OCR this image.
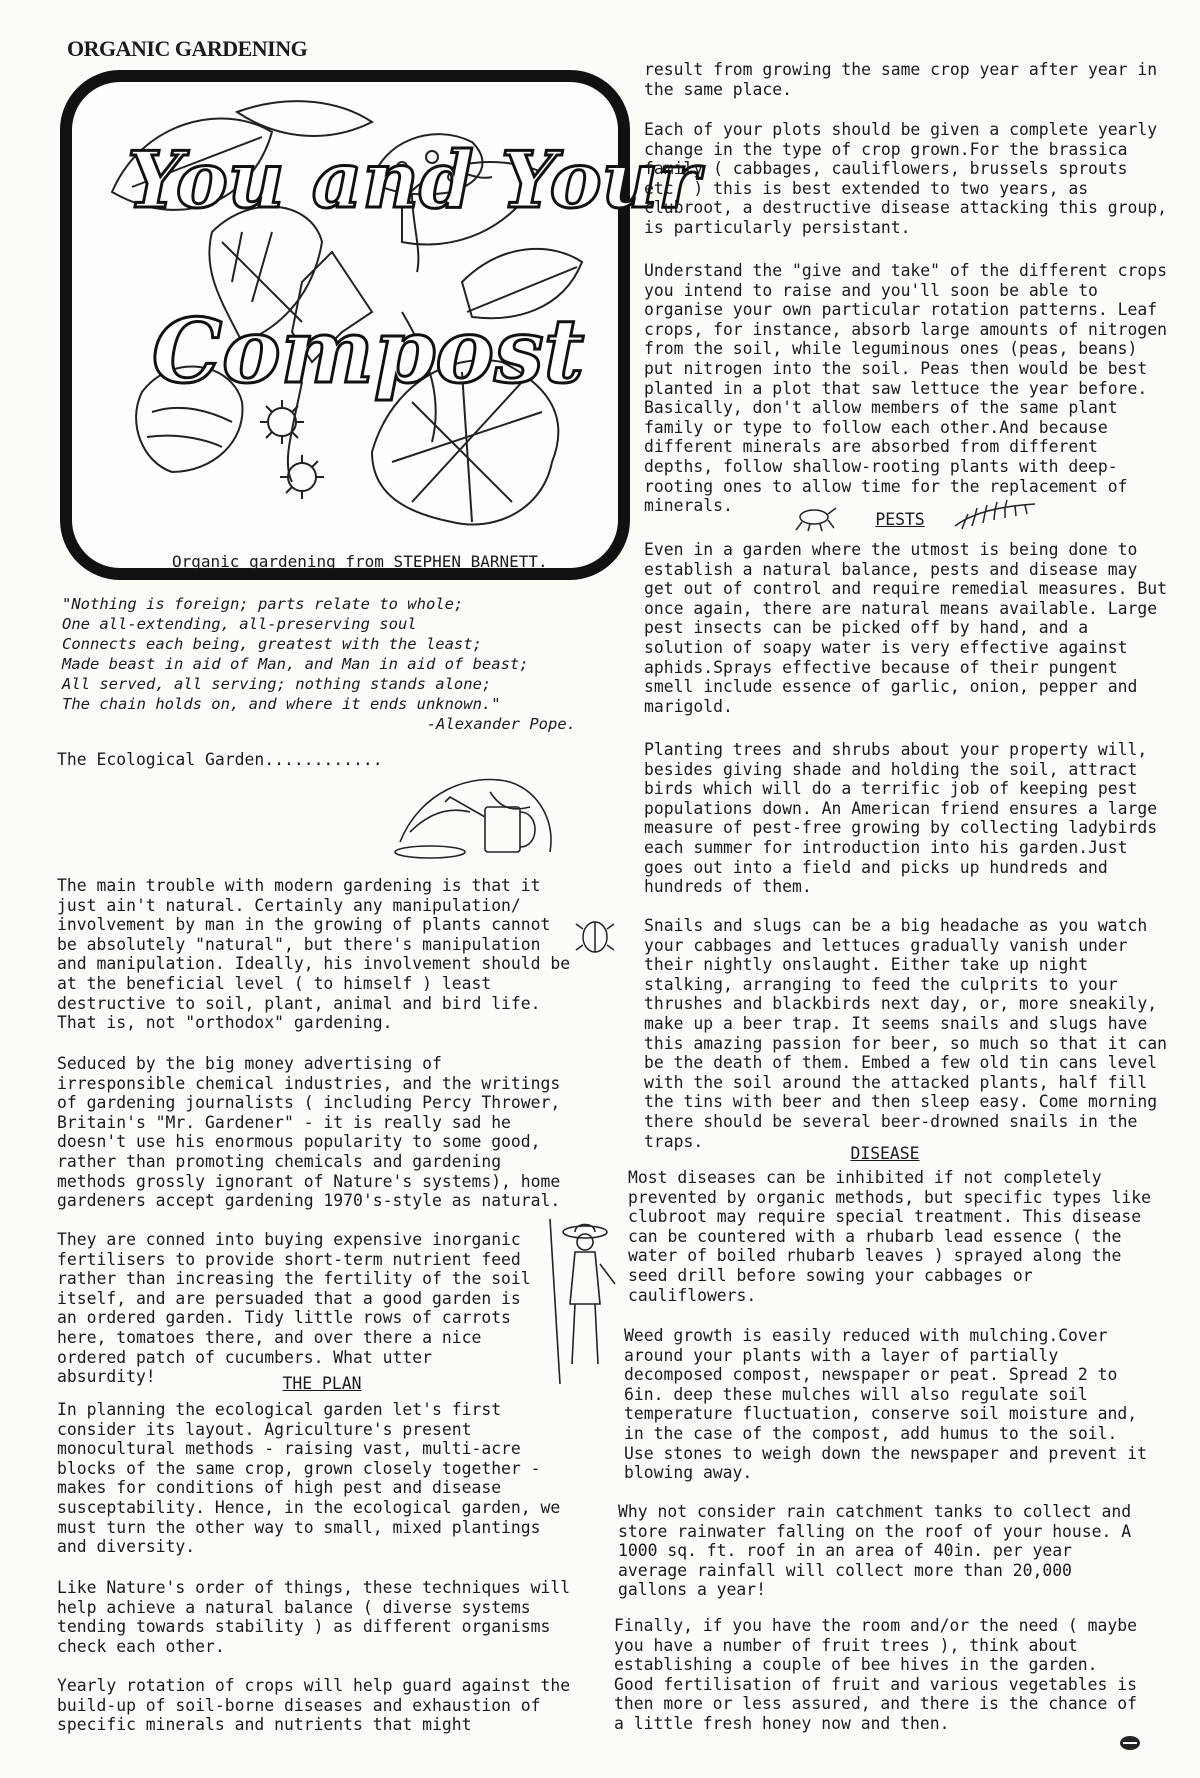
ORGANIC GARDENING
You and Your
Compost
Organic gardening from STEPHEN BARNETT.
"Nothing is foreign; parts relate to whole;
One all-extending, all-preserving soul
Connects each being, greatest with the least;
Made beast in aid of Man, and Man in aid of beast;
All served, all serving; nothing stands alone;
The chain holds on, and where it ends unknown."
-Alexander Pope.
The Ecological Garden............
The main trouble with modern gardening is that it just ain't natural. Certainly any manipulation/ involvement by man in the growing of plants cannot be absolutely "natural", but there's manipulation and manipulation. Ideally, his involvement should be at the beneficial level ( to himself ) least destructive to soil, plant, animal and bird life. That is, not "orthodox" gardening.
Seduced by the big money advertising of irresponsible chemical industries, and the writings of gardening journalists ( including Percy Thrower, Britain's "Mr. Gardener" - it is really sad he doesn't use his enormous popularity to some good, rather than promoting chemicals and gardening methods grossly ignorant of Nature's systems), home gardeners accept gardening 1970's-style as natural.
They are conned into buying expensive inorganic fertilisers to provide short-term nutrient feed rather than increasing the fertility of the soil itself, and are persuaded that a good garden is an ordered garden. Tidy little rows of carrots here, tomatoes there, and over there a nice ordered patch of cucumbers. What utter absurdity!	THE PLAN
In planning the ecological garden let's first consider its layout. Agriculture's present monocultural methods - raising vast, multi-acre blocks of the same crop, grown closely together - makes for conditions of high pest and disease susceptability. Hence, in the ecological garden, we must turn the other way to small, mixed plantings and diversity.
Like Nature's order of things, these techniques will help achieve a natural balance ( diverse systems tending towards stability ) as different organisms check each other.
Yearly rotation of crops will help guard against the build-up of soil-borne diseases and exhaustion of specific minerals and nutrients that might
result from growing the same crop year after year in the same place.
Each of your plots should be given a complete yearly change in the type of crop grown.For the brassica family ( cabbages, cauliflowers, brussels sprouts etc. ) this is best extended to two years, as clubroot, a destructive disease attacking this group, is particularly persistant.
Understand the "give and take" of the different crops you intend to raise and you'll soon be able to organise your own particular rotation patterns. Leaf crops, for instance, absorb large amounts of nitrogen from the soil, while leguminous ones (peas, beans) put nitrogen into the soil. Peas then would be best planted in a plot that saw lettuce the year before. Basically, don't allow members of the same plant family or type to follow each other.And because different minerals are absorbed from different depths, follow shallow-rooting plants with deep-rooting ones to allow time for the replacement of minerals.
PESTS
Even in a garden where the utmost is being done to establish a natural balance, pests and disease may get out of control and require remedial measures. But once again, there are natural means available. Large pest insects can be picked off by hand, and a solution of soapy water is very effective against aphids.Sprays effective because of their pungent smell include essence of garlic, onion, pepper and marigold.
Planting trees and shrubs about your property will, besides giving shade and holding the soil, attract birds which will do a terrific job of keeping pest populations down. An American friend ensures a large measure of pest-free growing by collecting ladybirds each summer for introduction into his garden.Just goes out into a field and picks up hundreds and hundreds of them.
Snails and slugs can be a big headache as you watch your cabbages and lettuces gradually vanish under their nightly onslaught. Either take up night stalking, arranging to feed the culprits to your thrushes and blackbirds next day, or, more sneakily, make up a beer trap. It seems snails and slugs have this amazing passion for beer, so much so that it can be the death of them. Embed a few old tin cans level with the soil around the attacked plants, half fill the tins with beer and then sleep easy. Come morning there should be several beer-drowned snails in the traps.
DISEASE
Most diseases can be inhibited if not completely prevented by organic methods, but specific types like clubroot may require special treatment. This disease can be countered with a rhubarb lead essence ( the water of boiled rhubarb leaves ) sprayed along the seed drill before sowing your cabbages or cauliflowers.
Weed growth is easily reduced with mulching.Cover around your plants with a layer of partially decomposed compost, newspaper or peat. Spread 2 to 6in. deep these mulches will also regulate soil temperature fluctuation, conserve soil moisture and, in the case of the compost, add humus to the soil. Use stones to weigh down the newspaper and prevent it blowing away.
Why not consider rain catchment tanks to collect and store rainwater falling on the roof of your house. A 1000 sq. ft. roof in an area of 40in. per year average rainfall will collect more than 20,000 gallons a year!
Finally, if you have the room and/or the need ( maybe you have a number of fruit trees ), think about establishing a couple of bee hives in the garden. Good fertilisation of fruit and various vegetables is then more or less assured, and there is the chance of a little fresh honey now and then.
